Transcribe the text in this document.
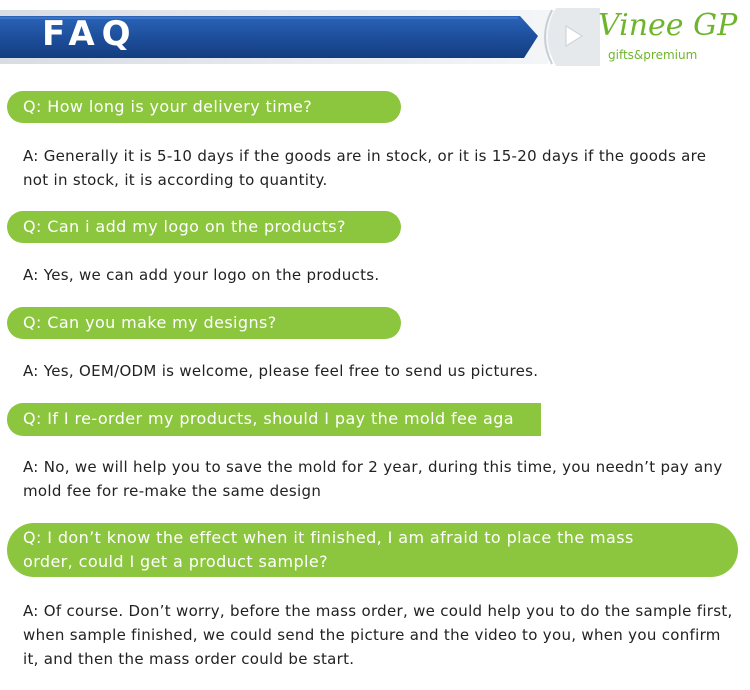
FAQ	Vinee GP
gifts&premium
Q: How long is your delivery time?
A: Generally it is 5-10 days if the goods are in stock, or it is 15-20 days if the goods are not in stock, it is according to quantity.
Q: Can i add my logo on the products?
A: Yes, we can add your logo on the products.
Q: Can you make my designs?
A: Yes, OEM/ODM is welcome, please feel free to send us pictures.
Q: If I re-order my products, should I pay the mold fee aga
A: No, we will help you to save the mold for 2 year, during this time, you needn’t pay any mold fee for re-make the same design
Q: I don’t know the effect when it finished, I am afraid to place the mass
order, could I get a product sample?
A: Of course. Don’t worry, before the mass order, we could help you to do the sample first, when sample finished, we could send the picture and the video to you, when you confirm it, and then the mass order could be start.
